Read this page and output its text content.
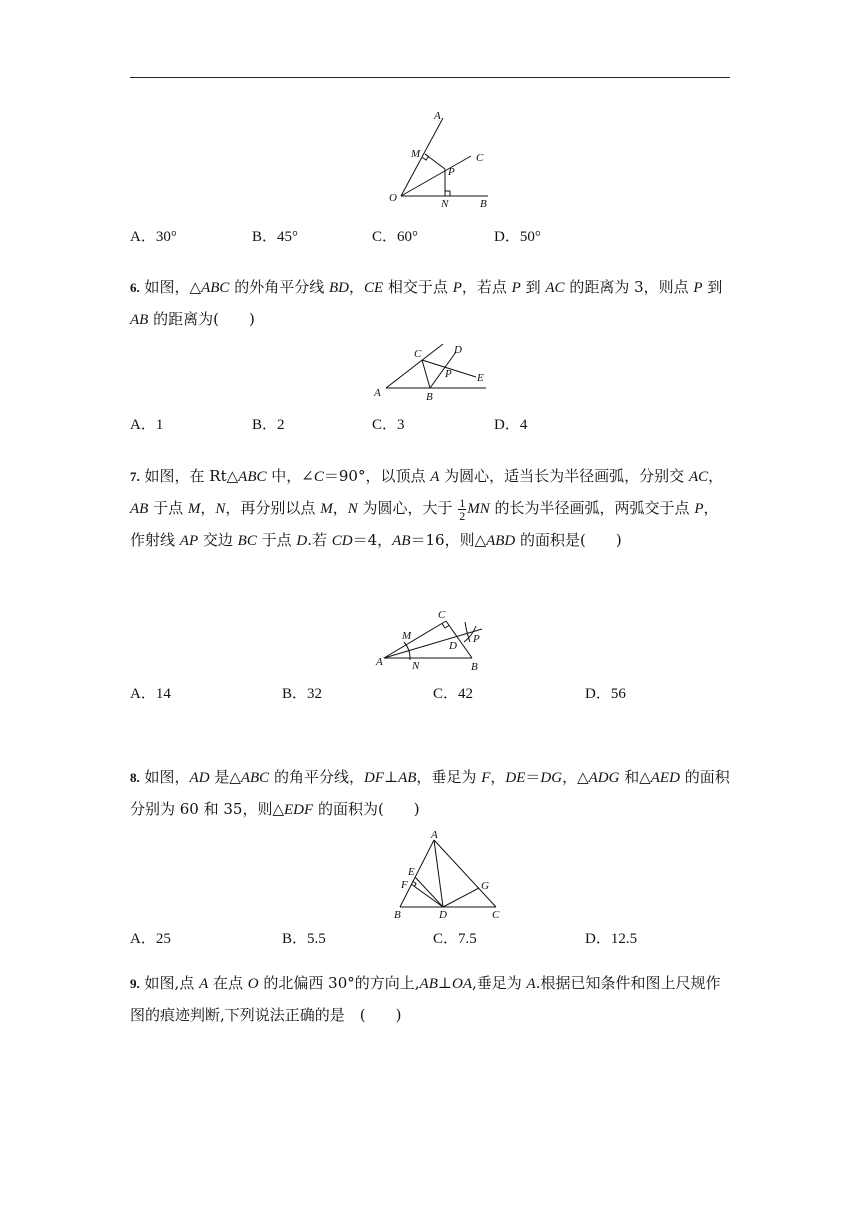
A
M	C
P
O	N	B
A．30°	B．45°	C．60°	D．50°
6. 如图，△ABC 的外角平分线 BD，CE 相交于点 P，若点 P 到 AC 的距离为 3，则点 P 到 AB 的距离为(　　)
C	D
P E
A	B
A．1	B．2	C．3	D．4
7. 如图，在 Rt△ABC 中，∠C＝90°，以顶点 A 为圆心，适当长为半径画弧，分别交 AC，AB 于点 M，N，再分别以点 M，N 为圆心，大于 $\frac{1}{2}$ MN 的长为半径画弧，两弧交于点 P，作射线 AP 交边 BC 于点 D.若 CD＝4，AB＝16，则△ABD 的面积是(　　)
C
M	P
D
A	N	B
A．14	B．32	C．42	D．56
8. 如图，AD 是△ABC 的角平分线，DF⊥AB，垂足为 F，DE＝DG，△ADG 和△AED 的面积分别为 60 和 35，则△EDF 的面积为(　　)
A
E
F	G
B	D	C
A．25	B．5.5	C．7.5	D．12.5
9. 如图,点 A 在点 O 的北偏西 30°的方向上,AB⊥OA,垂足为 A.根据已知条件和图上尺规作图的痕迹判断,下列说法正确的是　(　　)
